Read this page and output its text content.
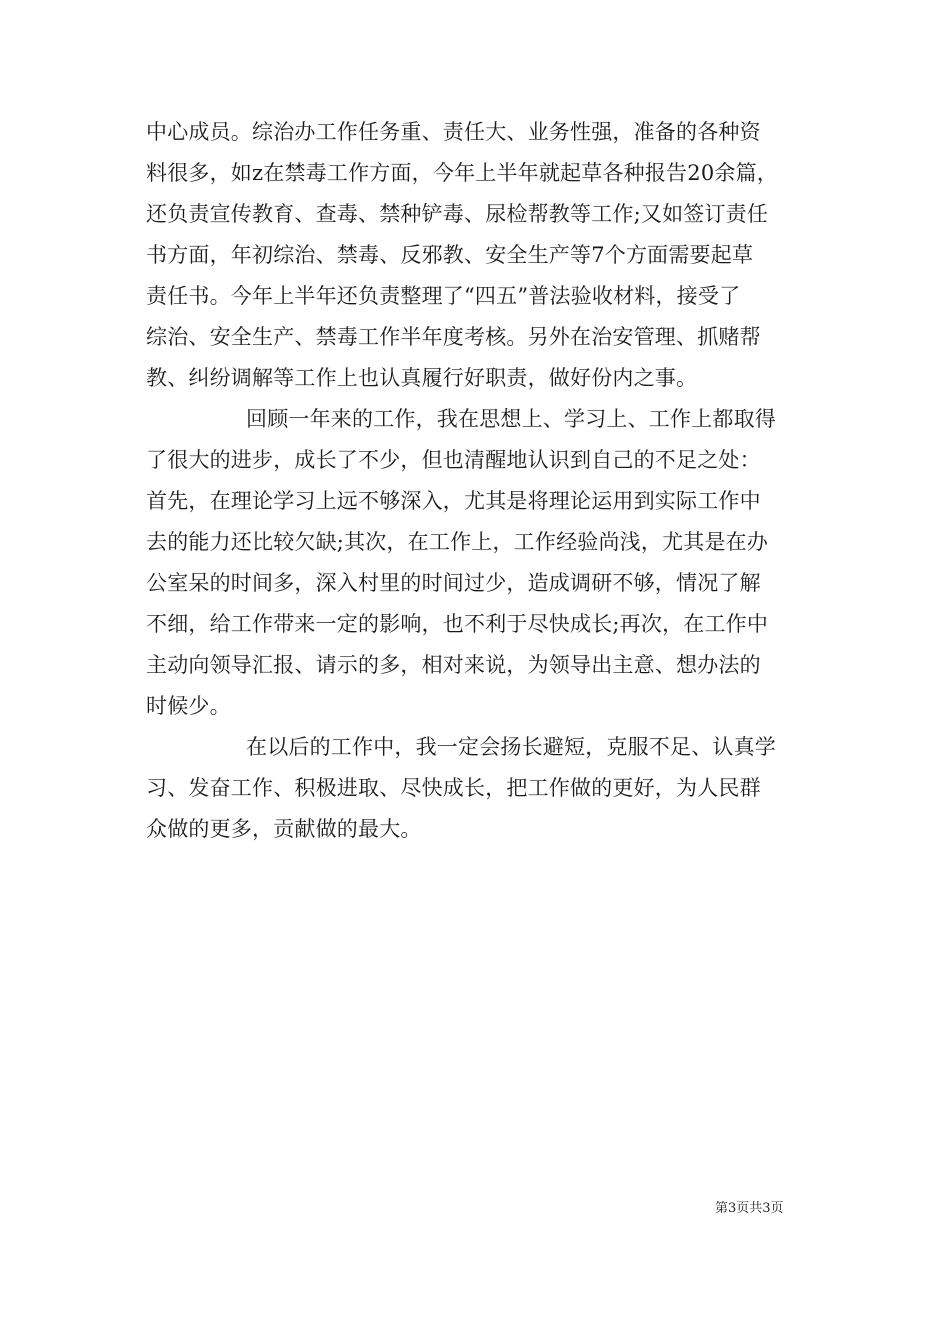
中心成员。综治办工作任务重、责任大、业务性强，准备的各种资
料很多，如z在禁毒工作方面，今年上半年就起草各种报告20余篇，
还负责宣传教育、查毒、禁种铲毒、尿检帮教等工作;又如签订责任
书方面，年初综治、禁毒、反邪教、安全生产等7个方面需要起草
责任书。今年上半年还负责整理了“四五”普法验收材料，接受了
综治、安全生产、禁毒工作半年度考核。另外在治安管理、抓赌帮
教、纠纷调解等工作上也认真履行好职责，做好份内之事。
回顾一年来的工作，我在思想上、学习上、工作上都取得
了很大的进步，成长了不少，但也清醒地认识到自己的不足之处：
首先，在理论学习上远不够深入，尤其是将理论运用到实际工作中
去的能力还比较欠缺;其次，在工作上，工作经验尚浅，尤其是在办
公室呆的时间多，深入村里的时间过少，造成调研不够，情况了解
不细，给工作带来一定的影响，也不利于尽快成长;再次，在工作中
主动向领导汇报、请示的多，相对来说，为领导出主意、想办法的
时候少。
在以后的工作中，我一定会扬长避短，克服不足、认真学
习、发奋工作、积极进取、尽快成长，把工作做的更好，为人民群
众做的更多，贡献做的最大。
第3页共3页
